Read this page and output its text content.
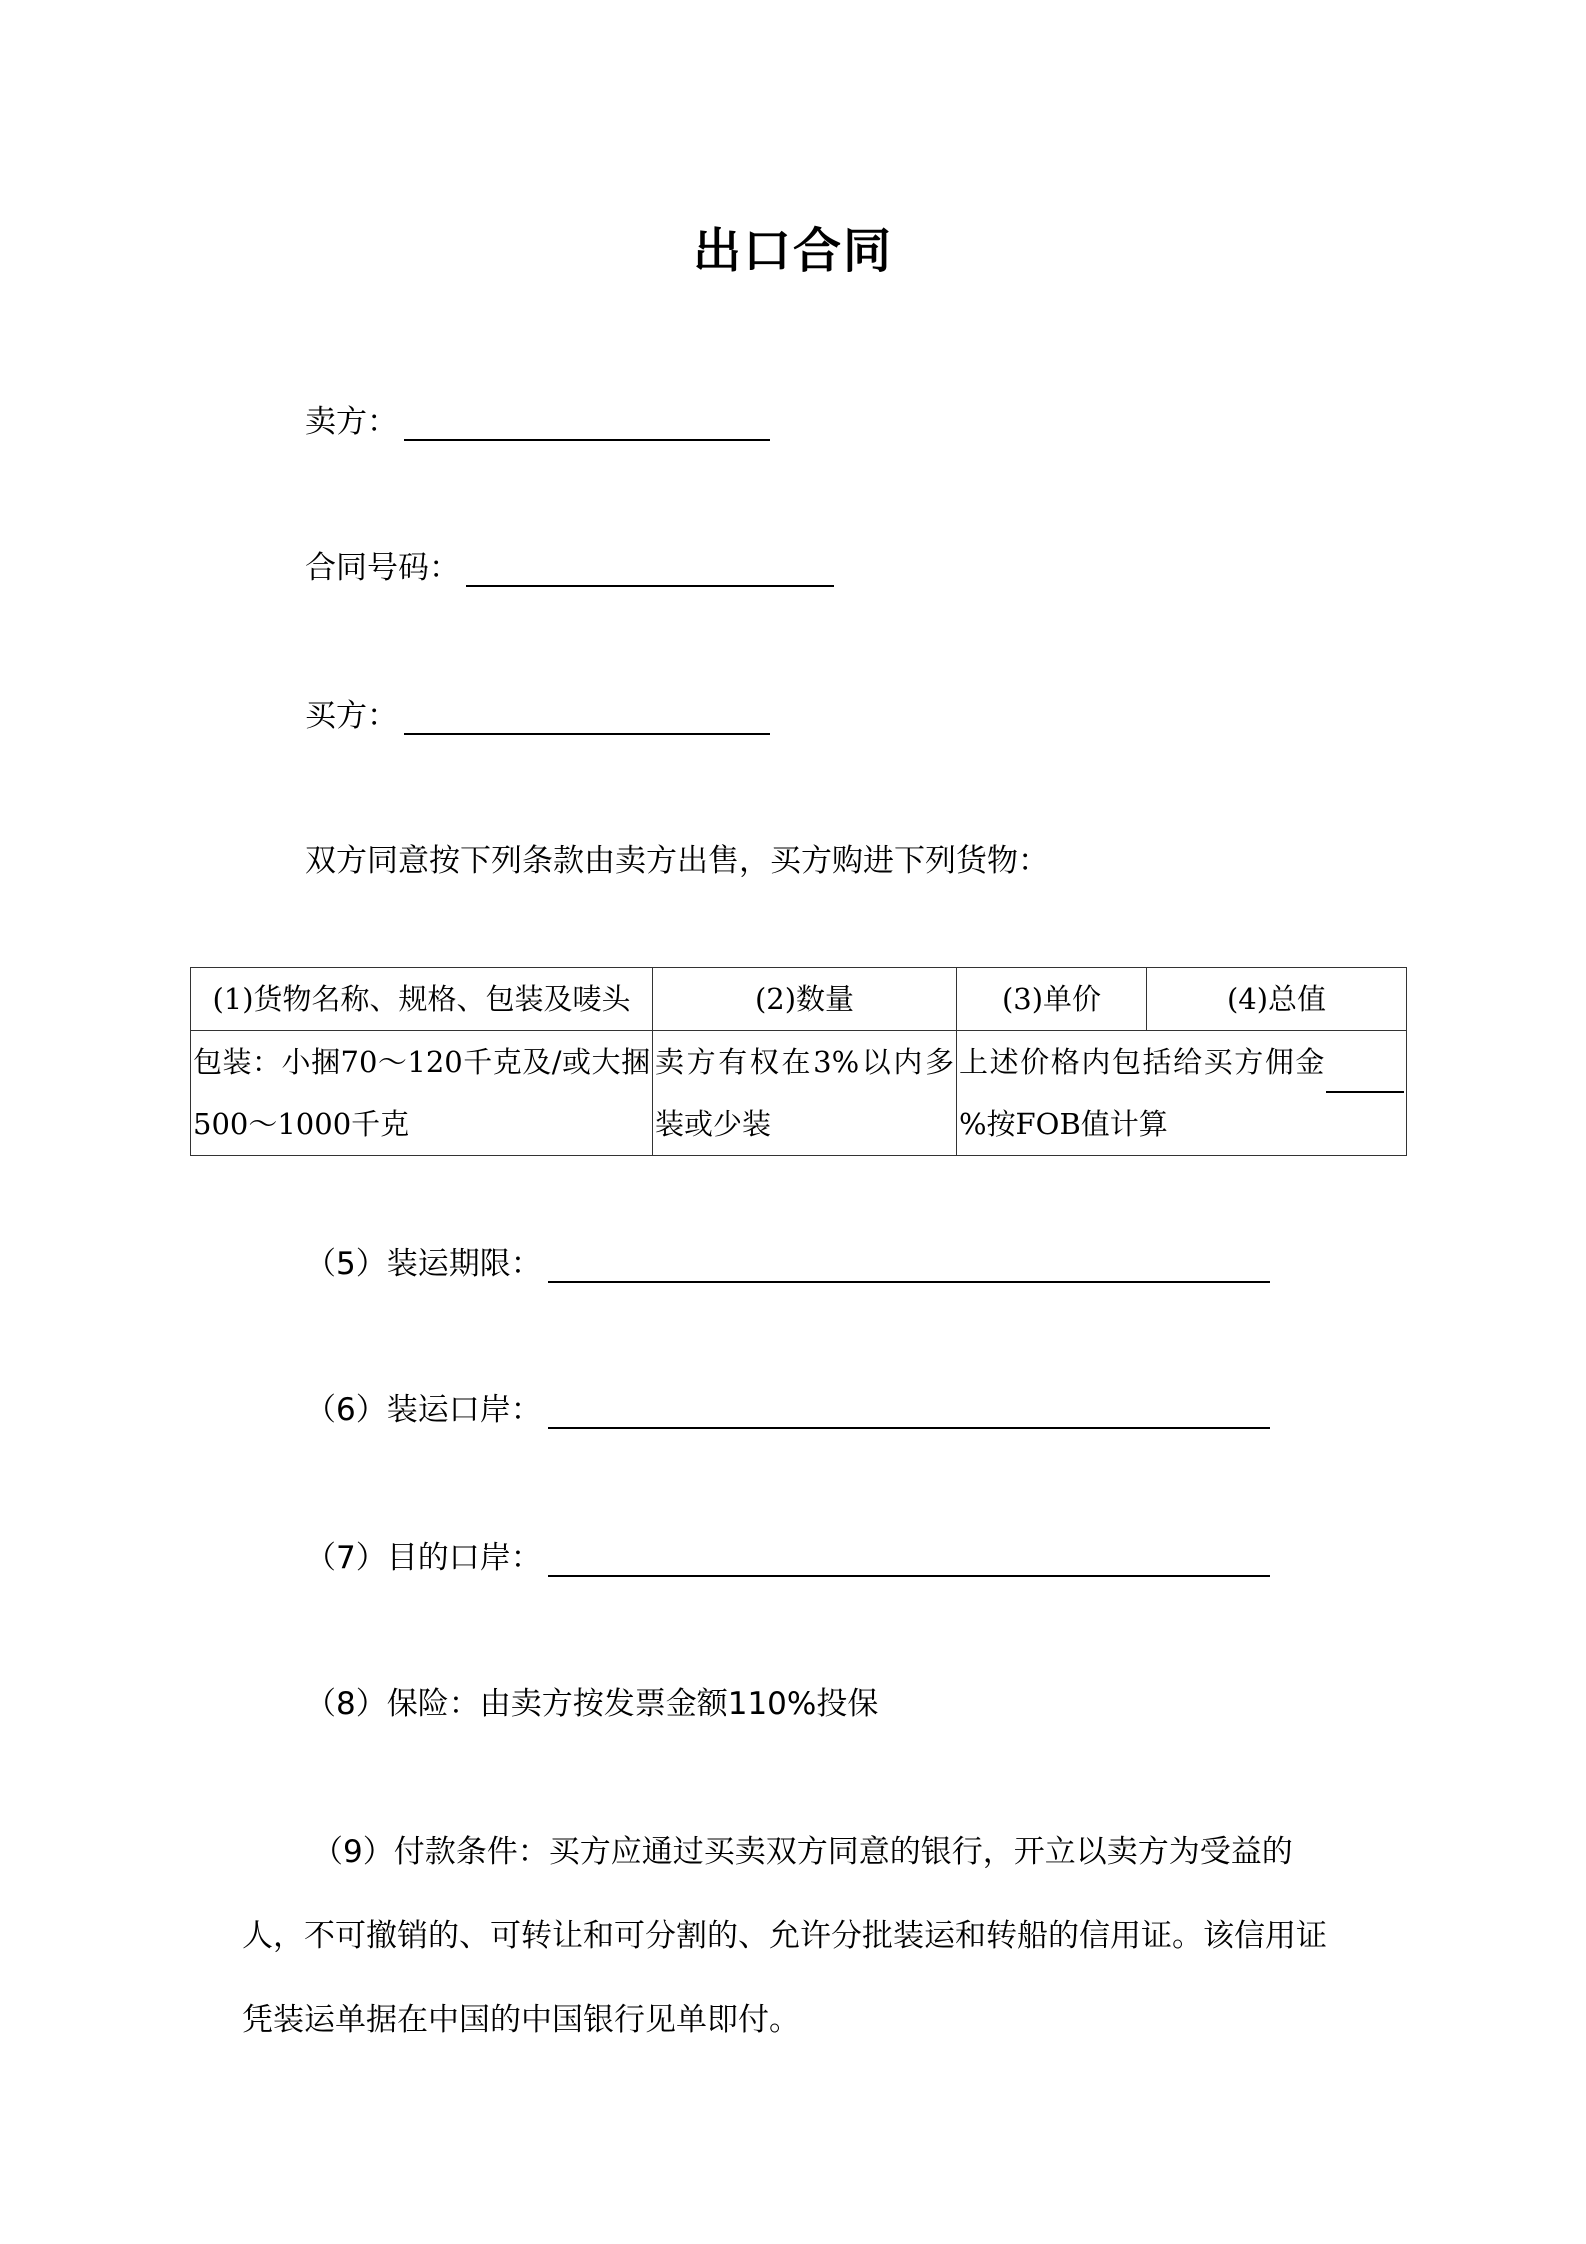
出口合同
卖方：
合同号码：
买方：
双方同意按下列条款由卖方出售，买方购进下列货物：
(1)货物名称、规格、包装及唛头	(2)数量	(3)单价	(4)总值
包装：小捆70～120千克及/或大捆500～1000千克	卖方有权在3%以内多装或少装	上述价格内包括给买方佣金%按FOB值计算	
（5）装运期限：
（6）装运口岸：
（7）目的口岸：
（8）保险：由卖方按发票金额110%投保
（9）付款条件：买方应通过买卖双方同意的银行，开立以卖方为受益的人，不可撤销的、可转让和可分割的、允许分批装运和转船的信用证。该信用证凭装运单据在中国的中国银行见单即付。
